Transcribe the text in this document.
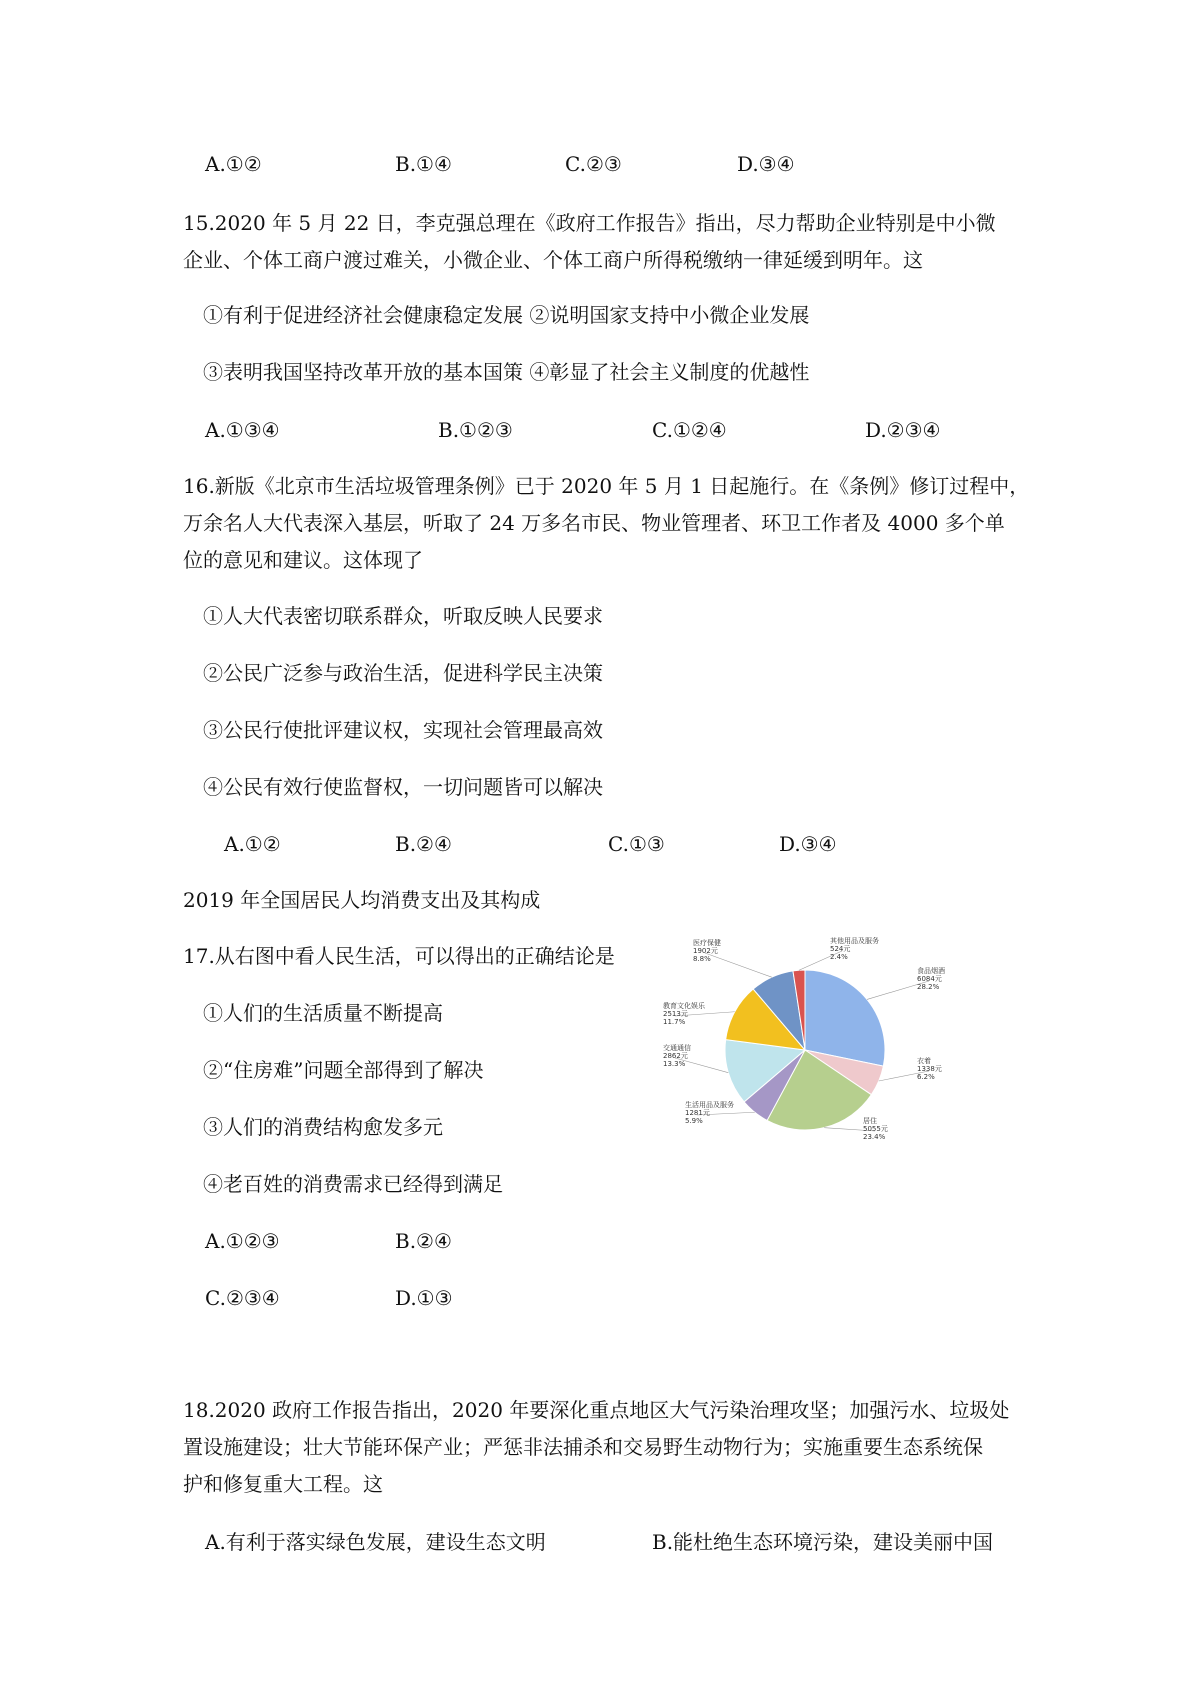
A.①②	B.①④	C.②③	D.③④
15.2020 年 5 月 22 日，李克强总理在《政府工作报告》指出，尽力帮助企业特别是中小微
企业、个体工商户渡过难关，小微企业、个体工商户所得税缴纳一律延缓到明年。这
①有利于促进经济社会健康稳定发展 ②说明国家支持中小微企业发展
③表明我国坚持改革开放的基本国策 ④彰显了社会主义制度的优越性
A.①③④	B.①②③	C.①②④	D.②③④
16.新版《北京市生活垃圾管理条例》已于 2020 年 5 月 1 日起施行。在《条例》修订过程中，
万余名人大代表深入基层，听取了 24 万多名市民、物业管理者、环卫工作者及 4000 多个单
位的意见和建议。这体现了
①人大代表密切联系群众，听取反映人民要求
②公民广泛参与政治生活，促进科学民主决策
③公民行使批评建议权，实现社会管理最高效
④公民有效行使监督权，一切问题皆可以解决
A.①②	B.②④	C.①③	D.③④
2019 年全国居民人均消费支出及其构成
17.从右图中看人民生活，可以得出的正确结论是
①人们的生活质量不断提高
②“住房难”问题全部得到了解决
③人们的消费结构愈发多元
④老百姓的消费需求已经得到满足
A.①②③	B.②④
C.②③④	D.①③
食品烟酒 6084元 28.2%
衣着 1338元 6.2%
居住 5055元 23.4%
生活用品及服务 1281元 5.9%
交通通信 2862元 13.3%
教育文化娱乐 2513元 11.7%
医疗保健 1902元 8.8%
其他用品及服务 524元 2.4%
18.2020 政府工作报告指出，2020 年要深化重点地区大气污染治理攻坚；加强污水、垃圾处
置设施建设；壮大节能环保产业；严惩非法捕杀和交易野生动物行为；实施重要生态系统保
护和修复重大工程。这
A.有利于落实绿色发展，建设生态文明	B.能杜绝生态环境污染，建设美丽中国
